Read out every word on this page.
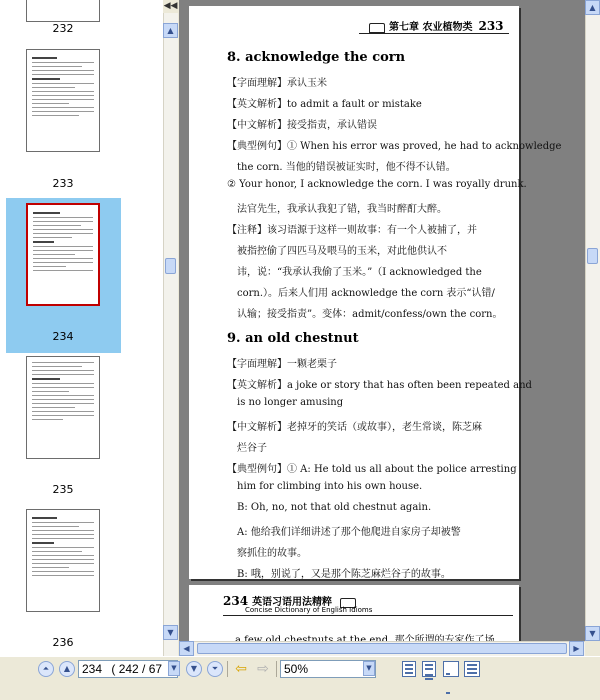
232
233
234
235
236
◀◀
▲
▼
第七章 农业植物类 233
8. acknowledge the corn
【字面理解】承认玉米
【英文解析】to admit a fault or mistake
【中文解析】接受指责，承认错误
【典型例句】① When his error was proved, he had to acknowledge
the corn. 当他的错误被证实时，他不得不认错。
② Your honor, I acknowledge the corn. I was royally drunk.
法官先生，我承认我犯了错，我当时醉酊大醉。
【注释】该习语源于这样一则故事：有一个人被捕了，并
被指控偷了四匹马及喂马的玉米，对此他供认不
讳，说：“我承认我偷了玉米。”（I acknowledged the
corn.）。后来人们用 acknowledge the corn 表示“认错/
认输；接受指责”。变体：admit/confess/own the corn。
9. an old chestnut
【字面理解】一颗老栗子
【英文解析】a joke or story that has often been repeated and
is no longer amusing
【中文解析】老掉牙的笑话（或故事），老生常谈，陈芝麻
烂谷子
【典型例句】① A: He told us all about the police arresting
him for climbing into his own house.
B: Oh, no, not that old chestnut again.
A: 他给我们详细讲述了那个他爬进自家房子却被警
察抓住的故事。
B: 哦，别说了，又是那个陈芝麻烂谷子的故事。
234 英语习语用法精粹
Concise Dictionary of English Idioms
▲
▼
◀	▶
⏶	▲ 234 ( 242 / 67	▼	▼	⏷	⇦ ⇨	50%	▼
